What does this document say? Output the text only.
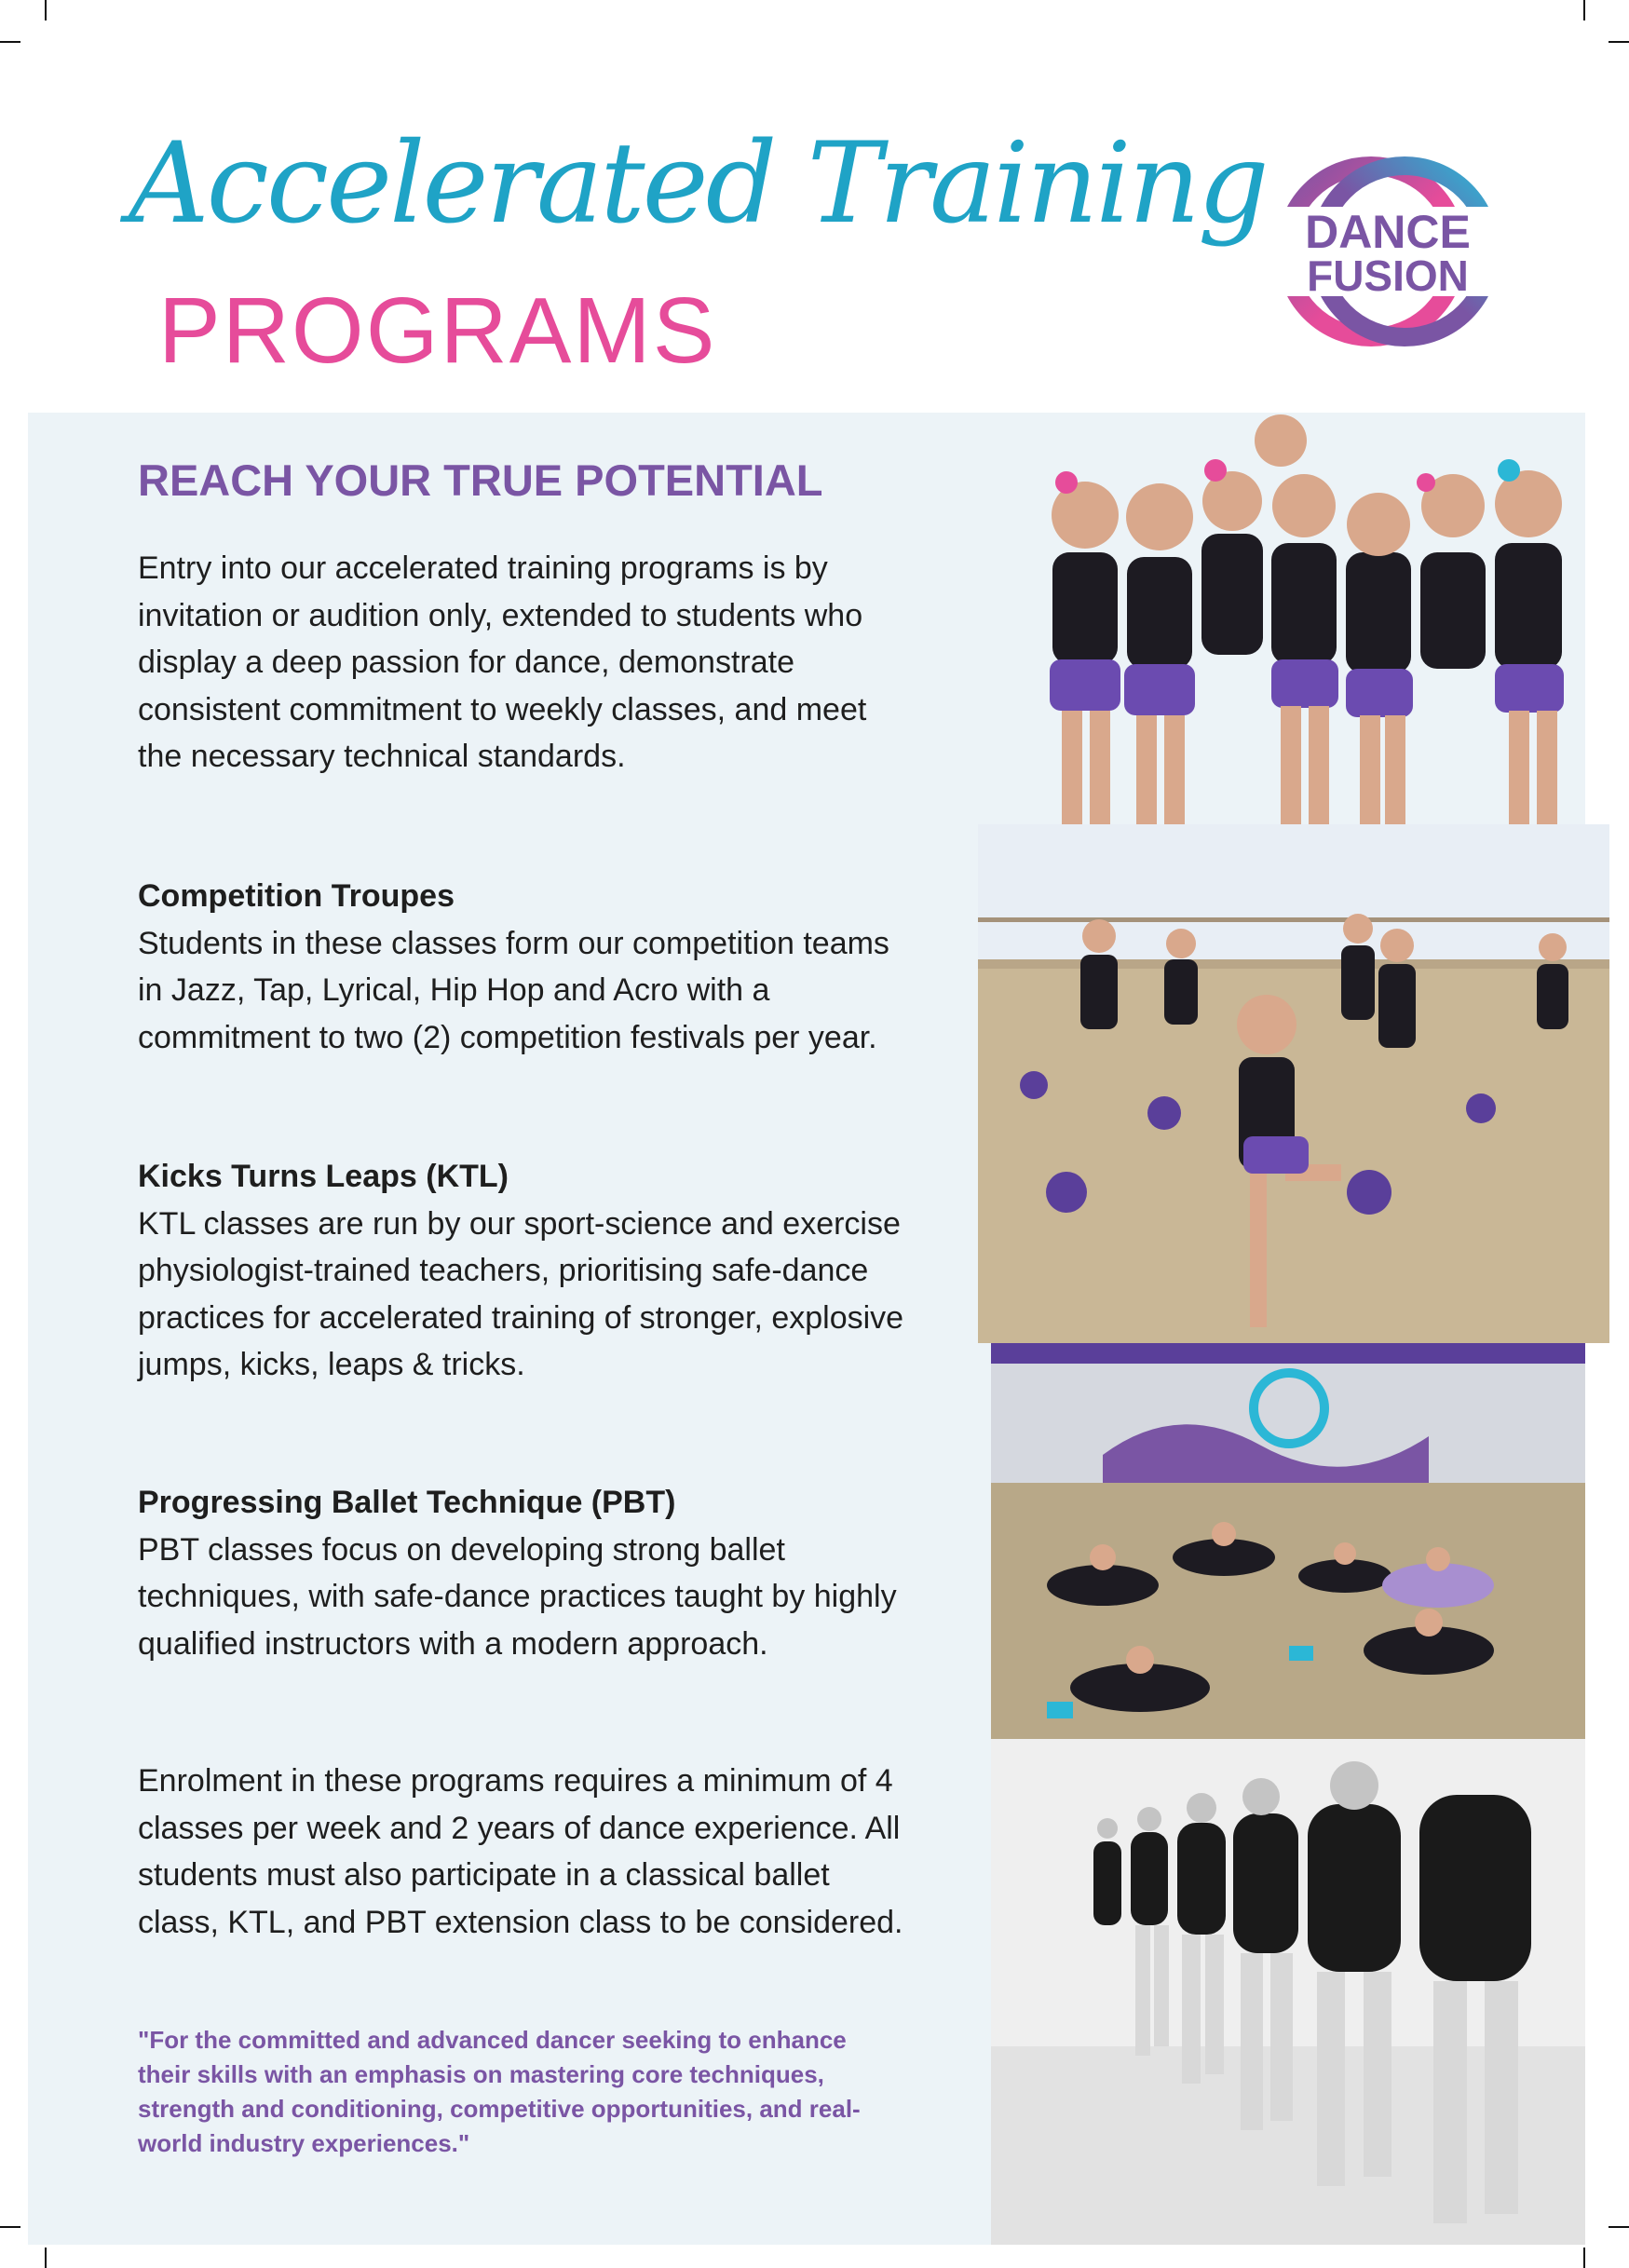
Accelerated Training
PROGRAMS
DANCE
FUSION
REACH YOUR TRUE POTENTIAL

Entry into our accelerated training programs is by invitation or audition only, extended to students who display a deep passion for dance, demonstrate consistent commitment to weekly classes, and meet the necessary technical standards.

Competition Troupes

Students in these classes form our competition teams in Jazz, Tap, Lyrical, Hip Hop and Acro with a commitment to two (2) competition festivals per year.

Kicks Turns Leaps (KTL)

KTL classes are run by our sport-science and exercise physiologist-trained teachers, prioritising safe-dance practices for accelerated training of stronger, explosive jumps, kicks, leaps & tricks.

Progressing Ballet Technique (PBT)

PBT classes focus on developing strong ballet techniques, with safe-dance practices taught by highly qualified instructors with a modern approach.

Enrolment in these programs requires a minimum of 4 classes per week and 2 years of dance experience. All students must also participate in a classical ballet class, KTL, and PBT extension class to be considered.

"For the committed and advanced dancer seeking to enhance their skills with an emphasis on mastering core techniques, strength and conditioning, competitive opportunities, and real-world industry experiences."
